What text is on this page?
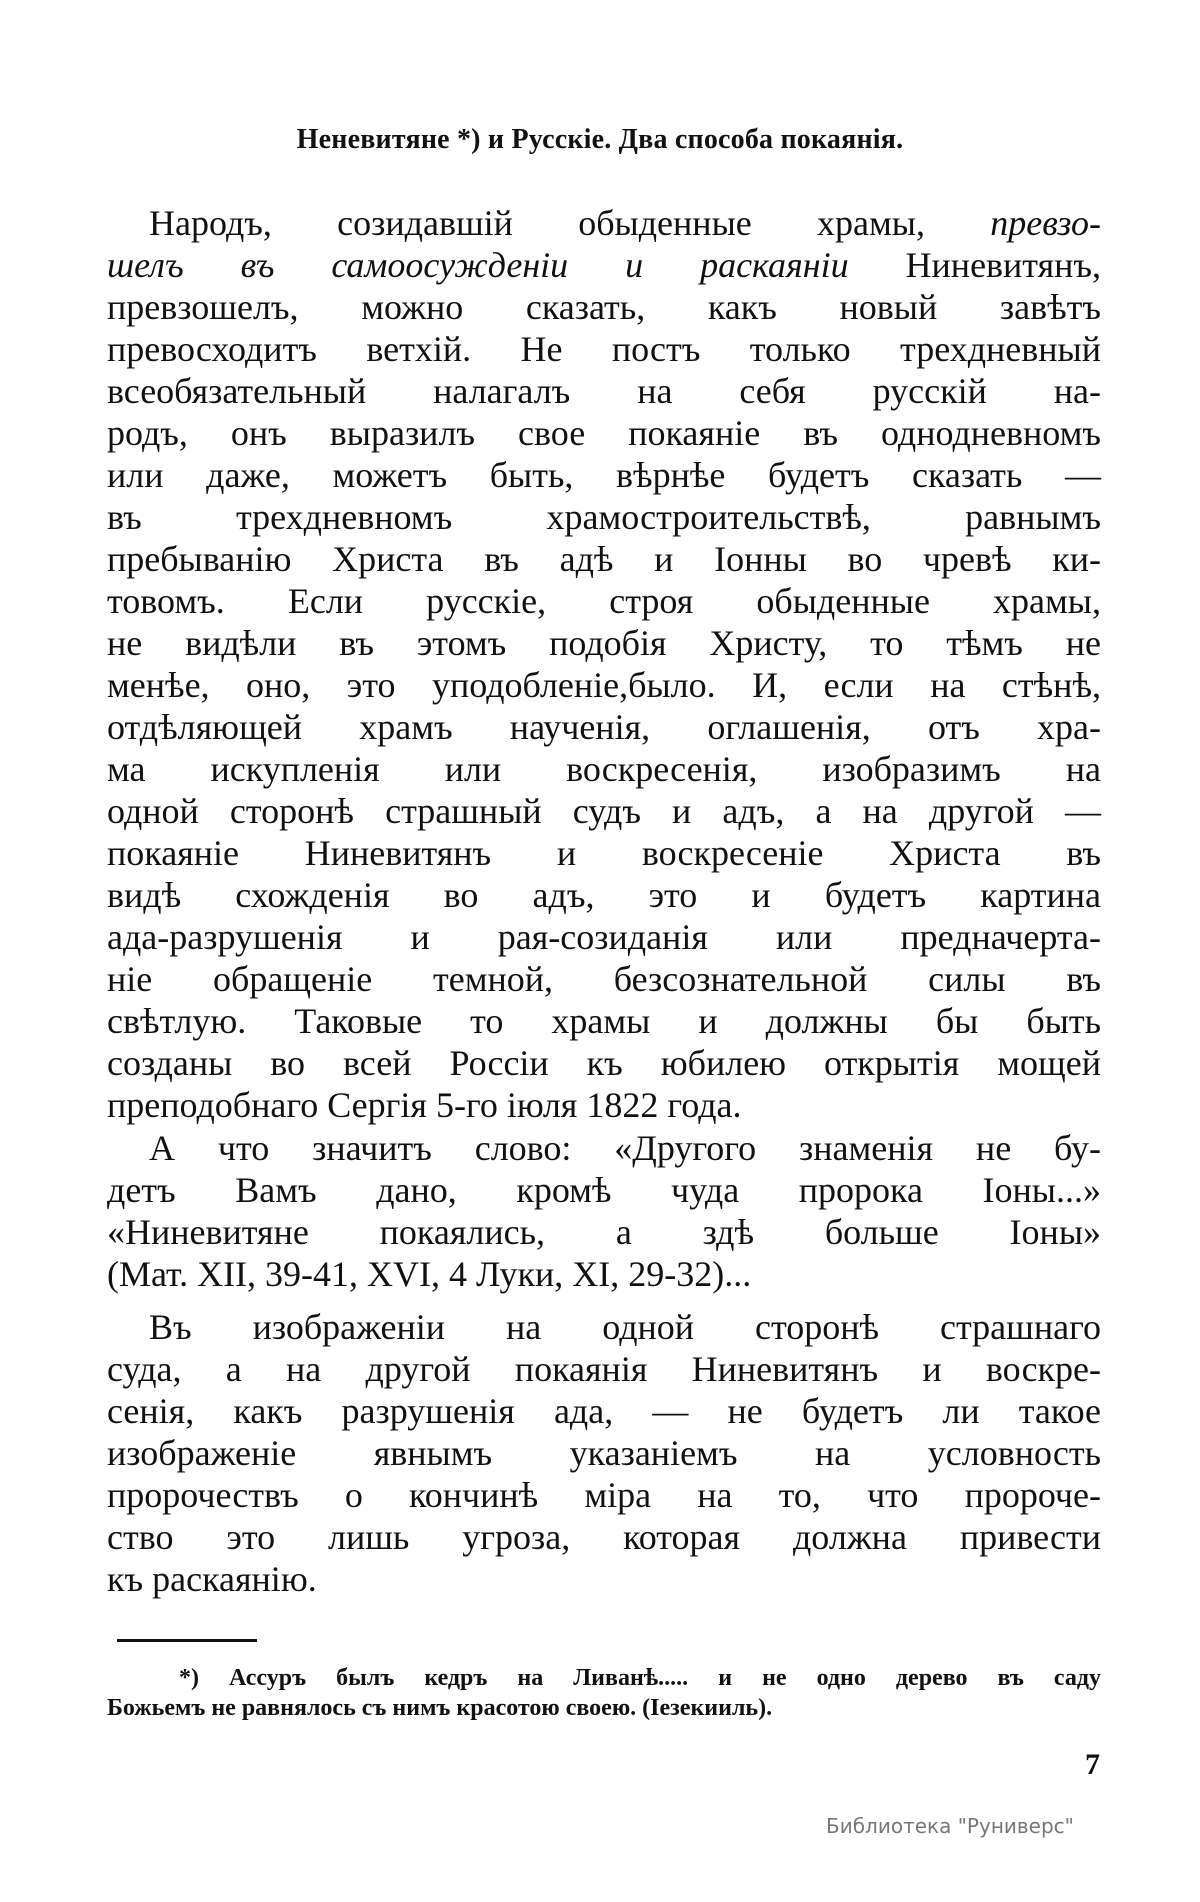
Неневитяне *) и Русскіе. Два способа покаянія.
Народъ, созидавшій обыденные храмы, превзо-
шелъ въ самоосужденіи и раскаяніи Ниневитянъ,
превзошелъ, можно сказать, какъ новый завѣтъ
превосходитъ ветхій. Не постъ только трехдневный
всеобязательный налагалъ на себя русскій на-
родъ, онъ выразилъ свое покаяніе въ однодневномъ
или даже, можетъ быть, вѣрнѣе будетъ сказать —
въ трехдневномъ храмостроительствѣ, равнымъ
пребыванію Христа въ адѣ и Іонны во чревѣ ки-
товомъ. Если русскіе, строя обыденные храмы,
не видѣли въ этомъ подобія Христу, то тѣмъ не
менѣе, оно, это уподобленіе,было. И, если на стѣнѣ,
отдѣляющей храмъ наученія, оглашенія, отъ хра-
ма искупленія или воскресенія, изобразимъ на
одной сторонѣ страшный судъ и адъ, а на другой —
покаяніе Ниневитянъ и воскресеніе Христа въ
видѣ схожденія во адъ, это и будетъ картина
ада-разрушенія и рая-созиданія или предначерта-
ніе обращеніе темной, безсознательной силы въ
свѣтлую. Таковые то храмы и должны бы быть
созданы во всей Россіи къ юбилею открытія мощей
преподобнаго Сергія 5-го іюля 1822 года.
А что значитъ слово: «Другого знаменія не бу-
детъ Вамъ дано, кромѣ чуда пророка Іоны...»
«Ниневитяне покаялись, а здѣ больше Іоны»
(Мат. XII, 39-41, XVI, 4 Луки, XI, 29-32)...
Въ изображеніи на одной сторонѣ страшнаго
суда, а на другой покаянія Ниневитянъ и воскре-
сенія, какъ разрушенія ада, — не будетъ ли такое
изображеніе явнымъ указаніемъ на условность
пророчествъ о кончинѣ міра на то, что пророче-
ство это лишь угроза, которая должна привести
къ раскаянію.
*) Ассуръ былъ кедръ на Ливанѣ..... и не одно дерево въ саду
Божьемъ не равнялось съ нимъ красотою своею. (Іезекииль).
7
Библиотека "Руниверс"
